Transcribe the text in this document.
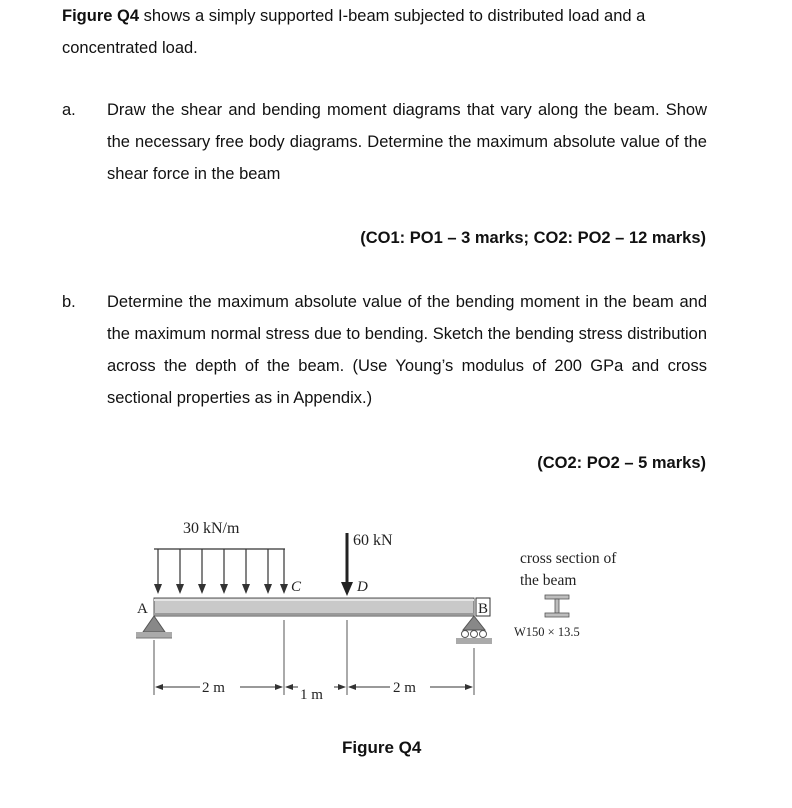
Figure Q4 shows a simply supported I-beam subjected to distributed load and a concentrated load.
a. Draw the shear and bending moment diagrams that vary along the beam. Show the necessary free body diagrams. Determine the maximum absolute value of the shear force in the beam
(CO1: PO1 – 3 marks; CO2: PO2 – 12 marks)
b. Determine the maximum absolute value of the bending moment in the beam and the maximum normal stress due to bending. Sketch the bending stress distribution across the depth of the beam. (Use Young’s modulus of 200 GPa and cross sectional properties as in Appendix.)
(CO2: PO2 – 5 marks)
30 kN/m
60 kN
C	D
A	B
2 m	1 m	2 m
cross section of
the beam
W150 × 13.5
Figure Q4
